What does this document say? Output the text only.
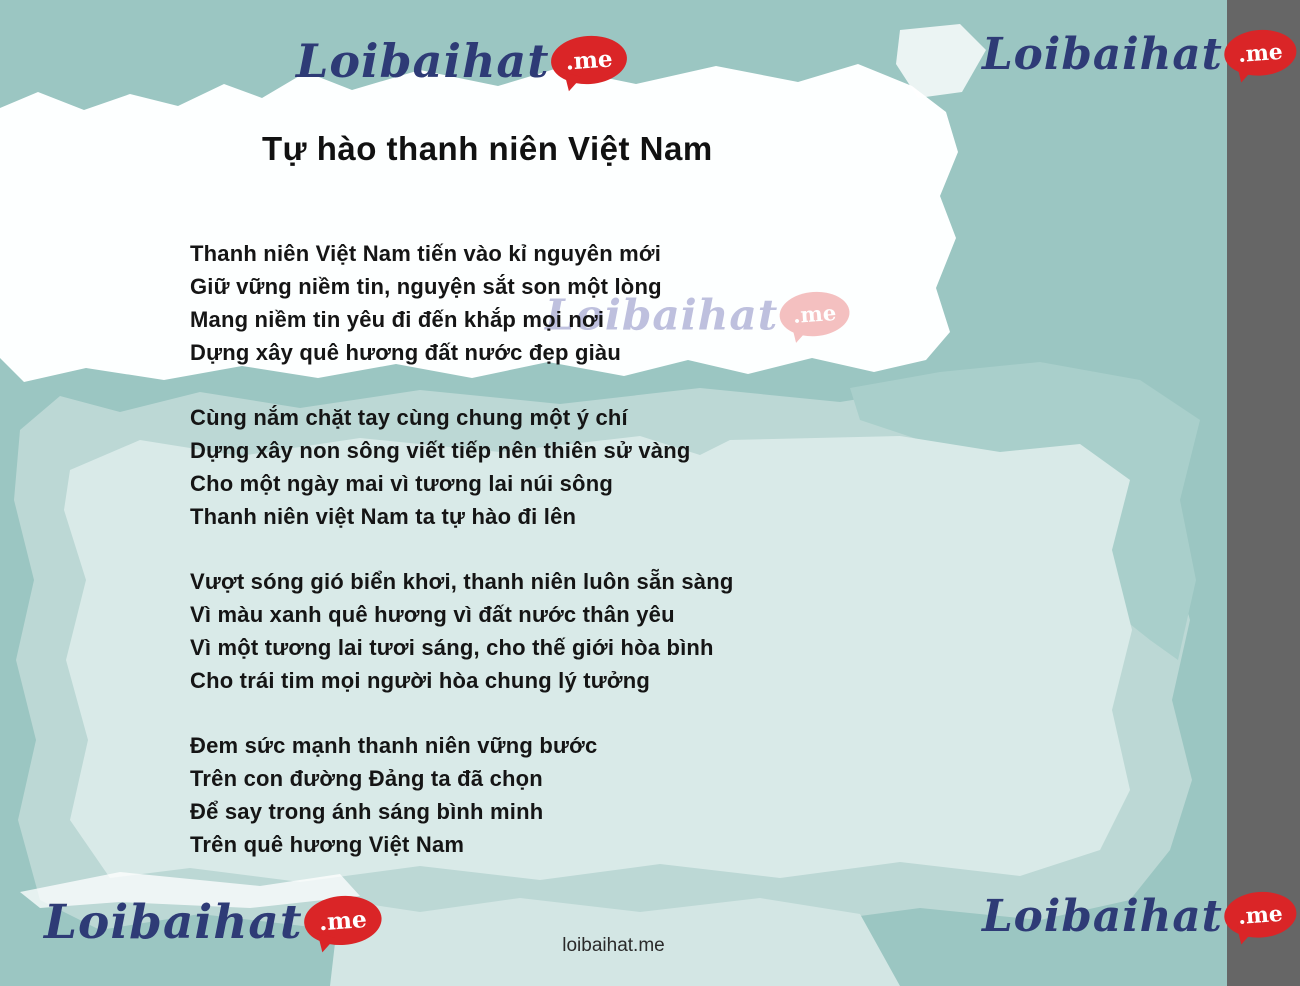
Loibaihat .me	Loibaihat .me
Loibaihat .me
Tự hào thanh niên Việt Nam
Thanh niên Việt Nam tiến vào kỉ nguyên mới
Giữ vững niềm tin, nguyện sắt son một lòng
Mang niềm tin yêu đi đến khắp mọi nơi
Dựng xây quê hương đất nước đẹp giàu
Cùng nắm chặt tay cùng chung một ý chí
Dựng xây non sông viết tiếp nên thiên sử vàng
Cho một ngày mai vì tương lai núi sông
Thanh niên việt Nam ta tự hào đi lên
Vượt sóng gió biển khơi, thanh niên luôn sẵn sàng
Vì màu xanh quê hương vì đất nước thân yêu
Vì một tương lai tươi sáng, cho thế giới hòa bình
Cho trái tim mọi người hòa chung lý tưởng
Đem sức mạnh thanh niên vững bước
Trên con đường Đảng ta đã chọn
Để say trong ánh sáng bình minh
Trên quê hương Việt Nam
Loibaihat .me	Loibaihat .me
loibaihat.me
